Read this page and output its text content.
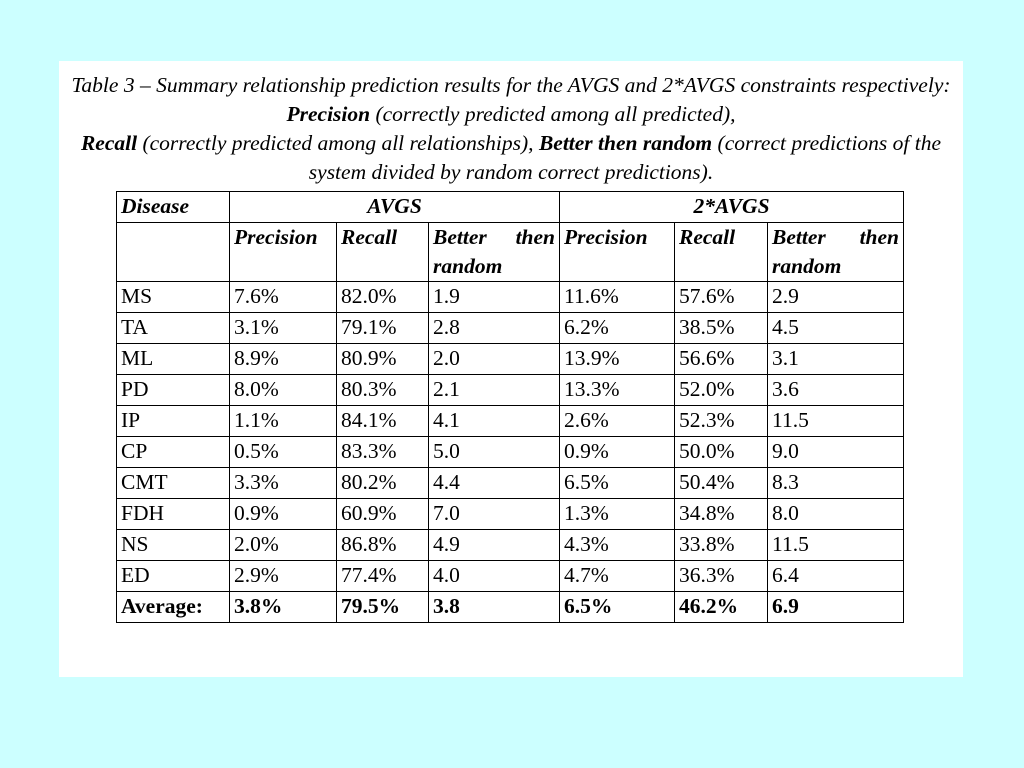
Table 3 – Summary relationship prediction results for the AVGS and 2*AVGS constraints respectively: Precision (correctly predicted among all predicted),
Recall (correctly predicted among all relationships), Better then random (correct predictions of the system divided by random correct predictions).
Disease	AVGS			2*AVGS		
	Precision	Recall	Better then random	Precision	Recall	Better then random
MS	7.6%	82.0%	1.9	11.6%	57.6%	2.9
TA	3.1%	79.1%	2.8	6.2%	38.5%	4.5
ML	8.9%	80.9%	2.0	13.9%	56.6%	3.1
PD	8.0%	80.3%	2.1	13.3%	52.0%	3.6
IP	1.1%	84.1%	4.1	2.6%	52.3%	11.5
CP	0.5%	83.3%	5.0	0.9%	50.0%	9.0
CMT	3.3%	80.2%	4.4	6.5%	50.4%	8.3
FDH	0.9%	60.9%	7.0	1.3%	34.8%	8.0
NS	2.0%	86.8%	4.9	4.3%	33.8%	11.5
ED	2.9%	77.4%	4.0	4.7%	36.3%	6.4
Average:	3.8%	79.5%	3.8	6.5%	46.2%	6.9
